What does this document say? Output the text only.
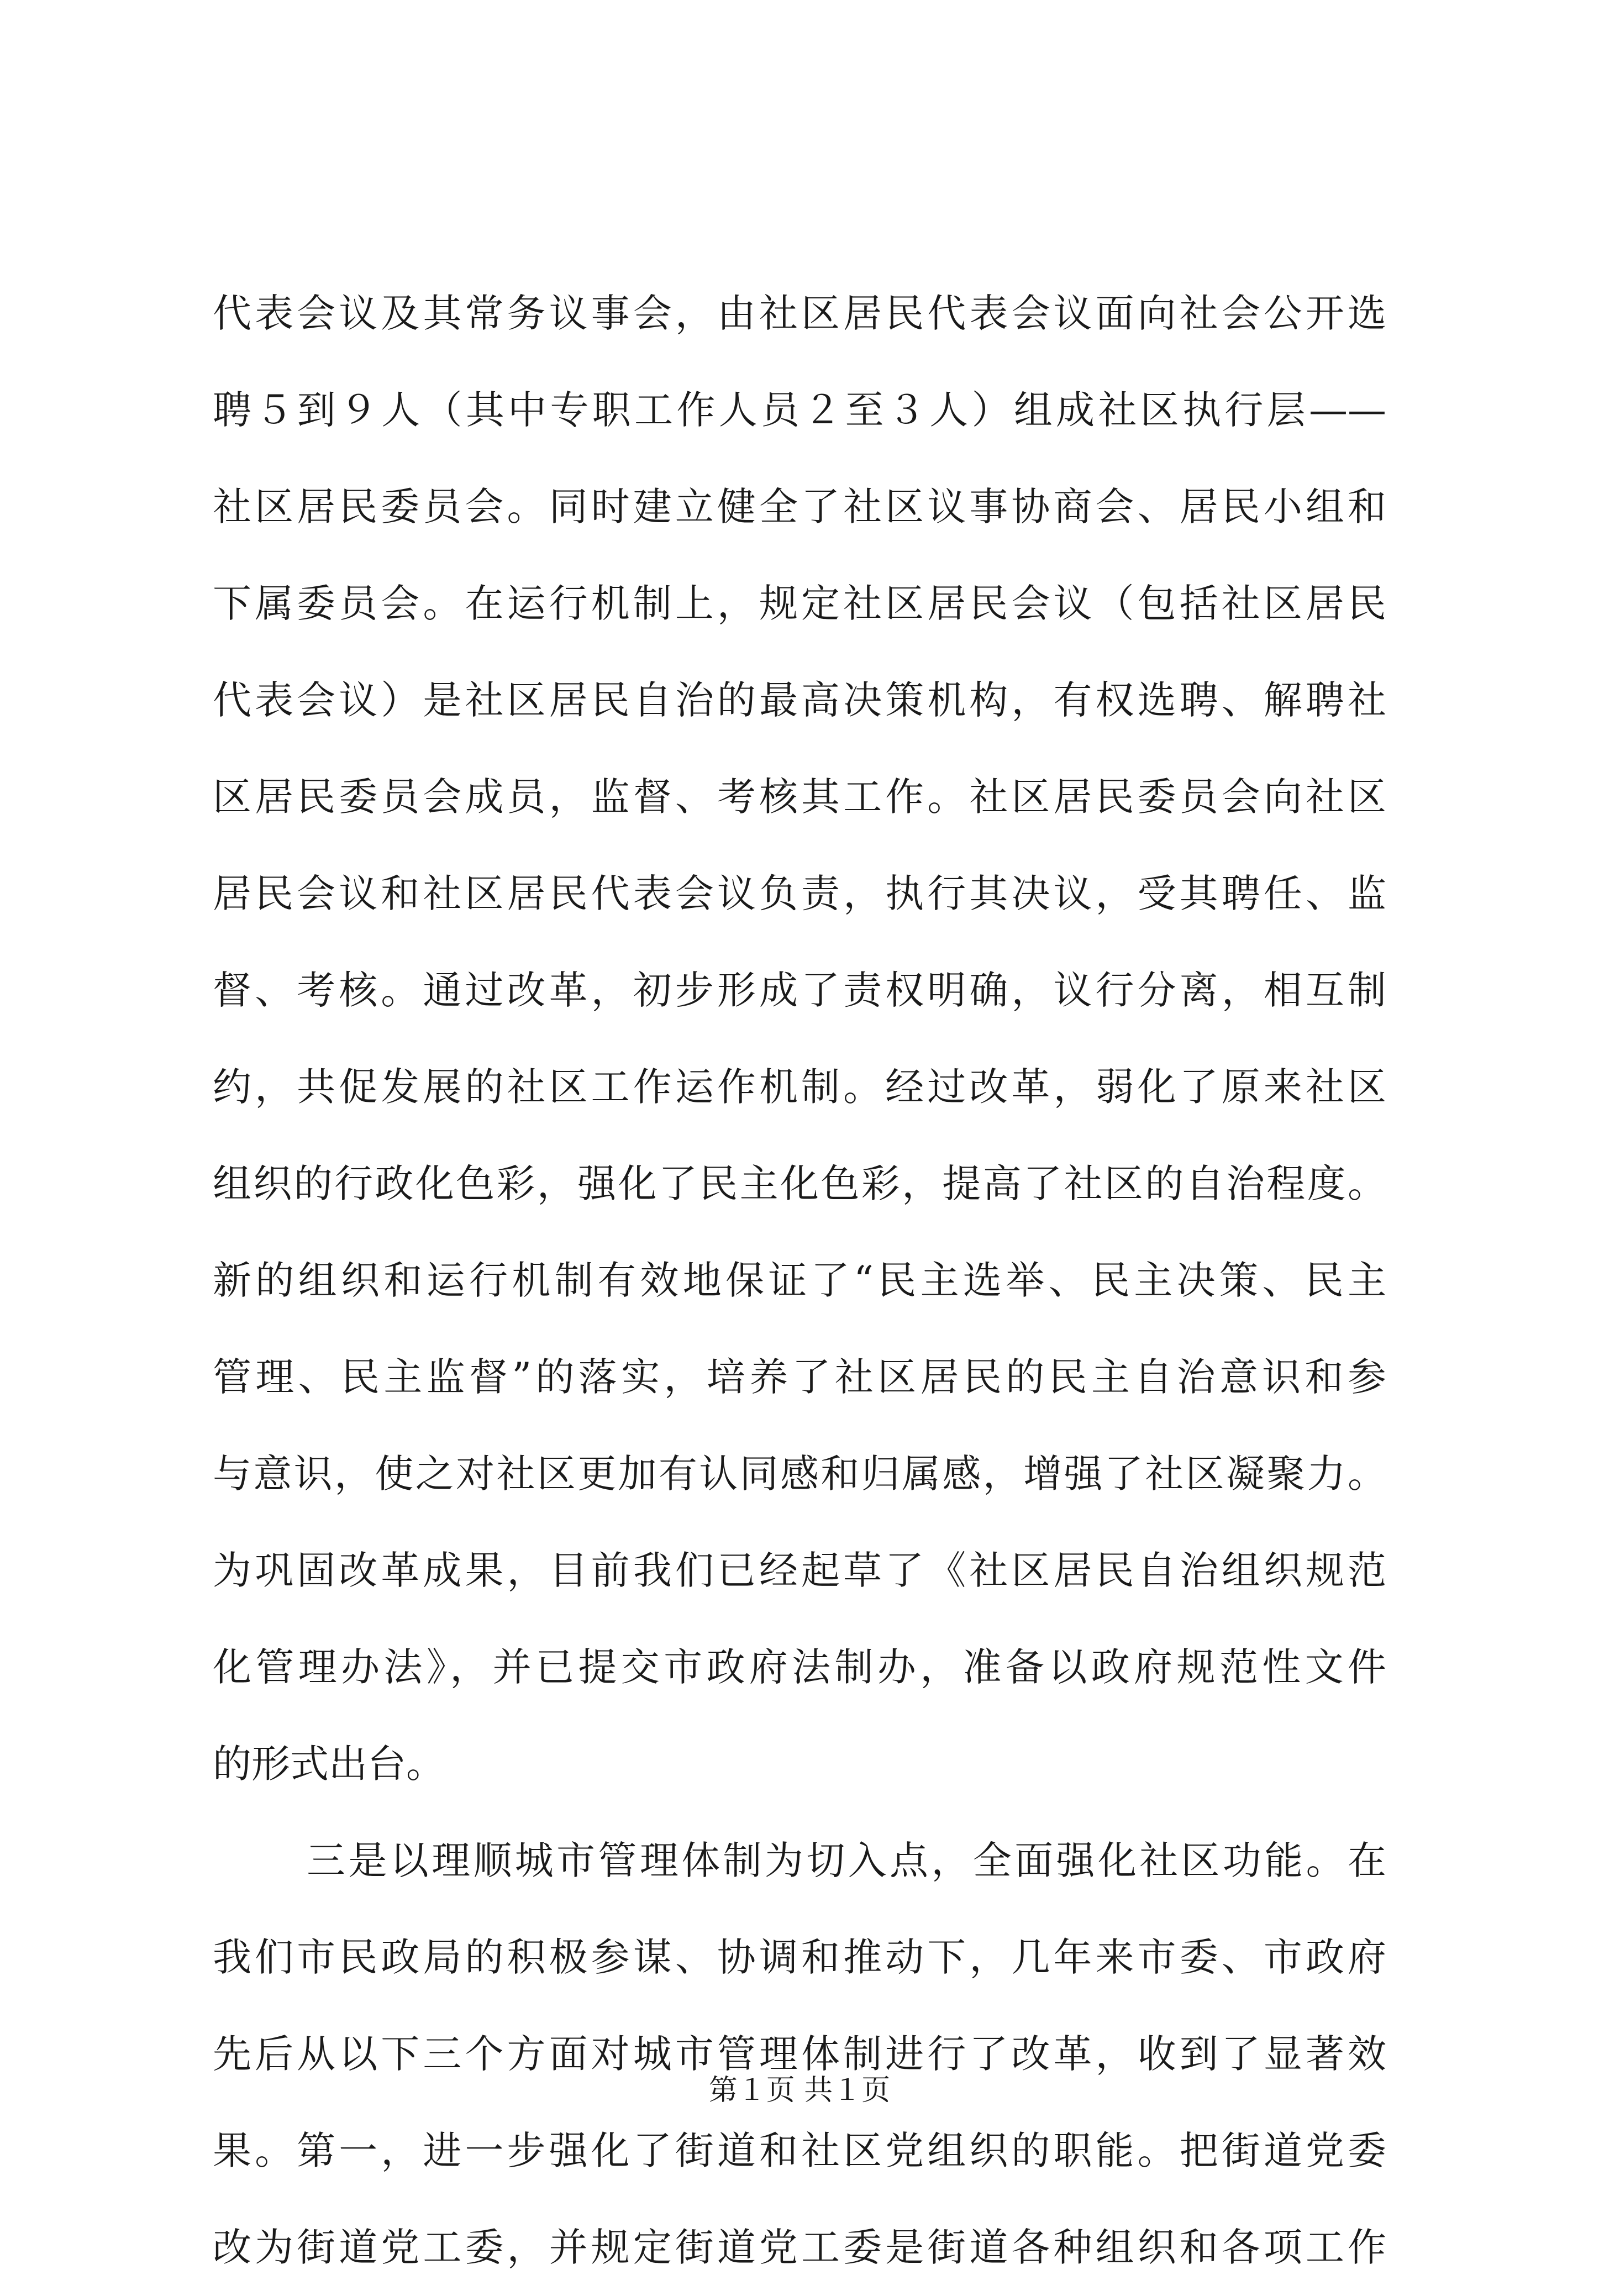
代表会议及其常务议事会，由社区居民代表会议面向社会公开选
聘５到９人（其中专职工作人员２至３人）组成社区执行层——
社区居民委员会。同时建立健全了社区议事协商会、居民小组和
下属委员会。在运行机制上，规定社区居民会议（包括社区居民
代表会议）是社区居民自治的最高决策机构，有权选聘、解聘社
区居民委员会成员，监督、考核其工作。社区居民委员会向社区
居民会议和社区居民代表会议负责，执行其决议，受其聘任、监
督、考核。通过改革，初步形成了责权明确，议行分离，相互制
约，共促发展的社区工作运作机制。经过改革，弱化了原来社区
组织的行政化色彩，强化了民主化色彩，提高了社区的自治程度。
新的组织和运行机制有效地保证了“民主选举、民主决策、民主
管理、民主监督”的落实，培养了社区居民的民主自治意识和参
与意识，使之对社区更加有认同感和归属感，增强了社区凝聚力。
为巩固改革成果，目前我们已经起草了《社区居民自治组织规范
化管理办法》，并已提交市政府法制办，准备以政府规范性文件
的形式出台。
三是以理顺城市管理体制为切入点，全面强化社区功能。在
我们市民政局的积极参谋、协调和推动下，几年来市委、市政府
先后从以下三个方面对城市管理体制进行了改革，收到了显著效
果。第一，进一步强化了街道和社区党组织的职能。把街道党委
改为街道党工委，并规定街道党工委是街道各种组织和各项工作
第１页 共１页
